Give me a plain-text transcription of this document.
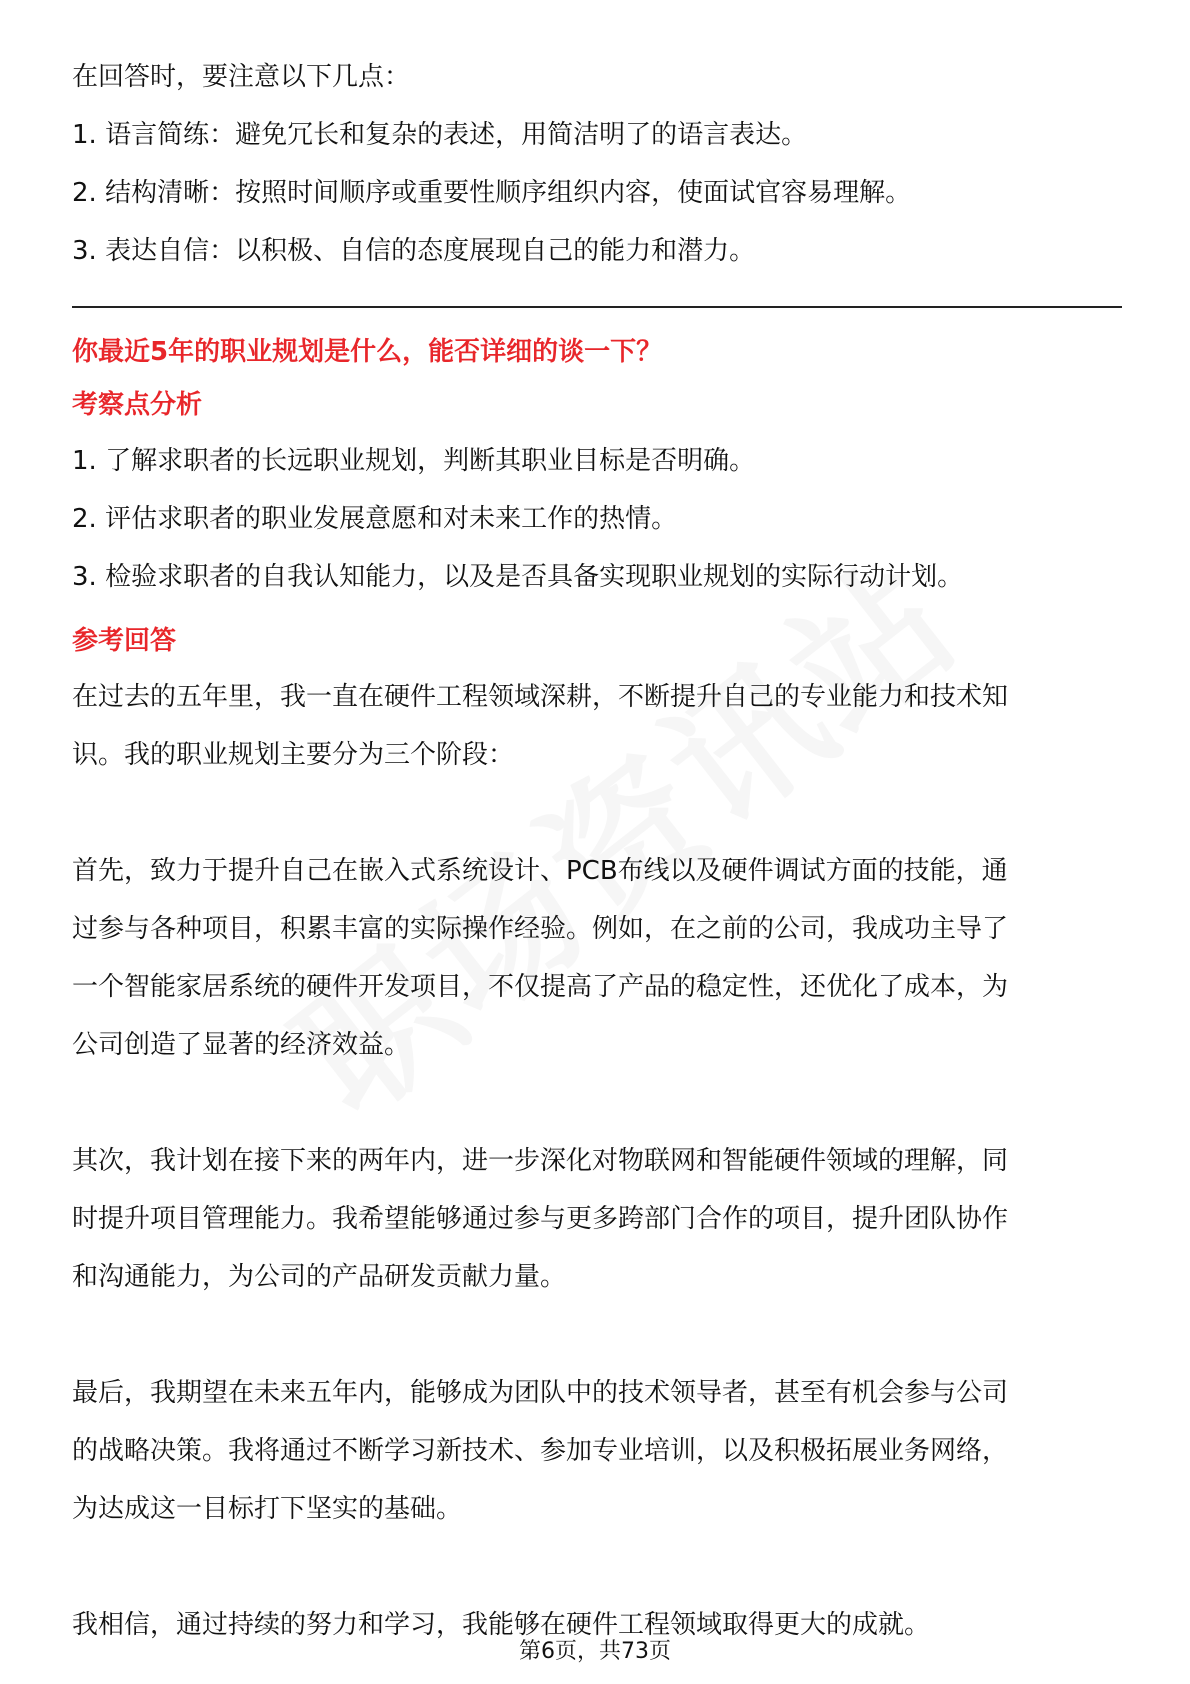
在回答时，要注意以下几点：

1. 语言简练：避免冗长和复杂的表述，用简洁明了的语言表达。

2. 结构清晰：按照时间顺序或重要性顺序组织内容，使面试官容易理解。

3. 表达自信：以积极、自信的态度展现自己的能力和潜力。

你最近5年的职业规划是什么，能否详细的谈一下？

考察点分析

1. 了解求职者的长远职业规划，判断其职业目标是否明确。

2. 评估求职者的职业发展意愿和对未来工作的热情。

3. 检验求职者的自我认知能力，以及是否具备实现职业规划的实际行动计划。

参考回答

在过去的五年里，我一直在硬件工程领域深耕，不断提升自己的专业能力和技术知

识。我的职业规划主要分为三个阶段：

首先，致力于提升自己在嵌入式系统设计、PCB布线以及硬件调试方面的技能，通

过参与各种项目，积累丰富的实际操作经验。例如，在之前的公司，我成功主导了

一个智能家居系统的硬件开发项目，不仅提高了产品的稳定性，还优化了成本，为

公司创造了显著的经济效益。

其次，我计划在接下来的两年内，进一步深化对物联网和智能硬件领域的理解，同

时提升项目管理能力。我希望能够通过参与更多跨部门合作的项目，提升团队协作

和沟通能力，为公司的产品研发贡献力量。

最后，我期望在未来五年内，能够成为团队中的技术领导者，甚至有机会参与公司

的战略决策。我将通过不断学习新技术、参加专业培训，以及积极拓展业务网络，

为达成这一目标打下坚实的基础。

我相信，通过持续的努力和学习，我能够在硬件工程领域取得更大的成就。

第6页，共73页
